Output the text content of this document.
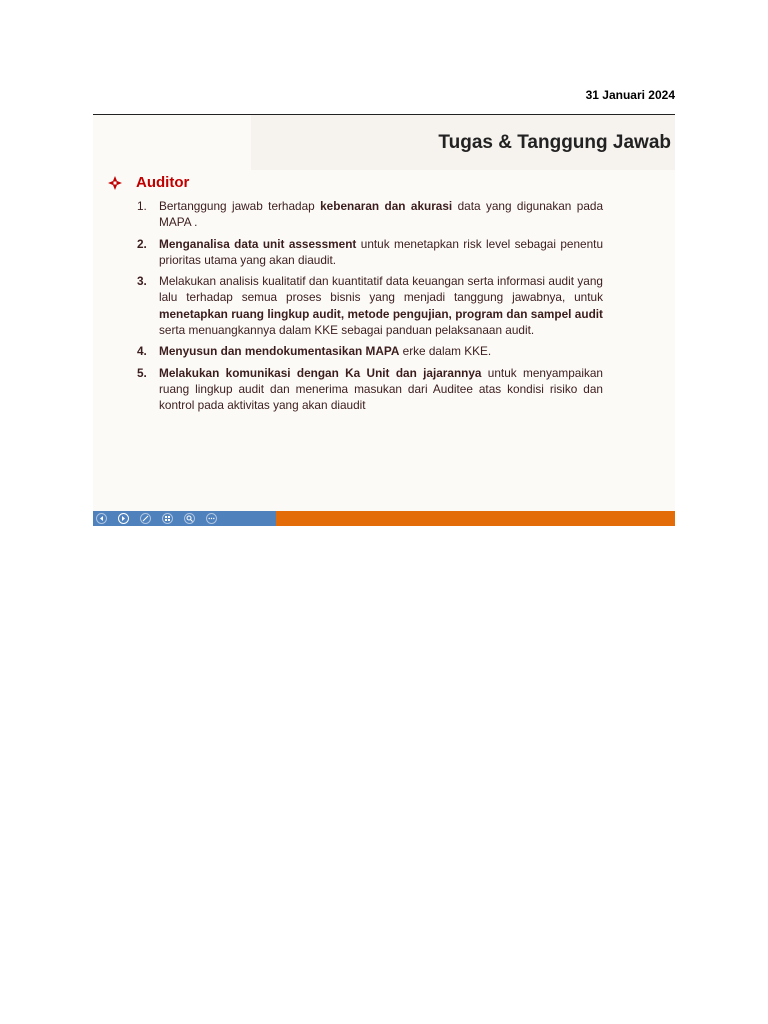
31 Januari 2024
Tugas & Tanggung Jawab
Auditor
1.	Bertanggung jawab terhadap kebenaran dan akurasi data yang digunakan pada MAPA .
2.	Menganalisa data unit assessment untuk menetapkan risk level sebagai penentu prioritas utama yang akan diaudit.
3.	Melakukan analisis kualitatif dan kuantitatif data keuangan serta informasi audit yang lalu terhadap semua proses bisnis yang menjadi tanggung jawabnya, untuk menetapkan ruang lingkup audit, metode pengujian, program dan sampel audit serta menuangkannya dalam KKE sebagai panduan pelaksanaan audit.
4.	Menyusun dan mendokumentasikan MAPA erke dalam KKE.
5.	Melakukan komunikasi dengan Ka Unit dan jajarannya untuk menyampaikan ruang lingkup audit dan menerima masukan dari Auditee atas kondisi risiko dan kontrol pada aktivitas yang akan diaudit
